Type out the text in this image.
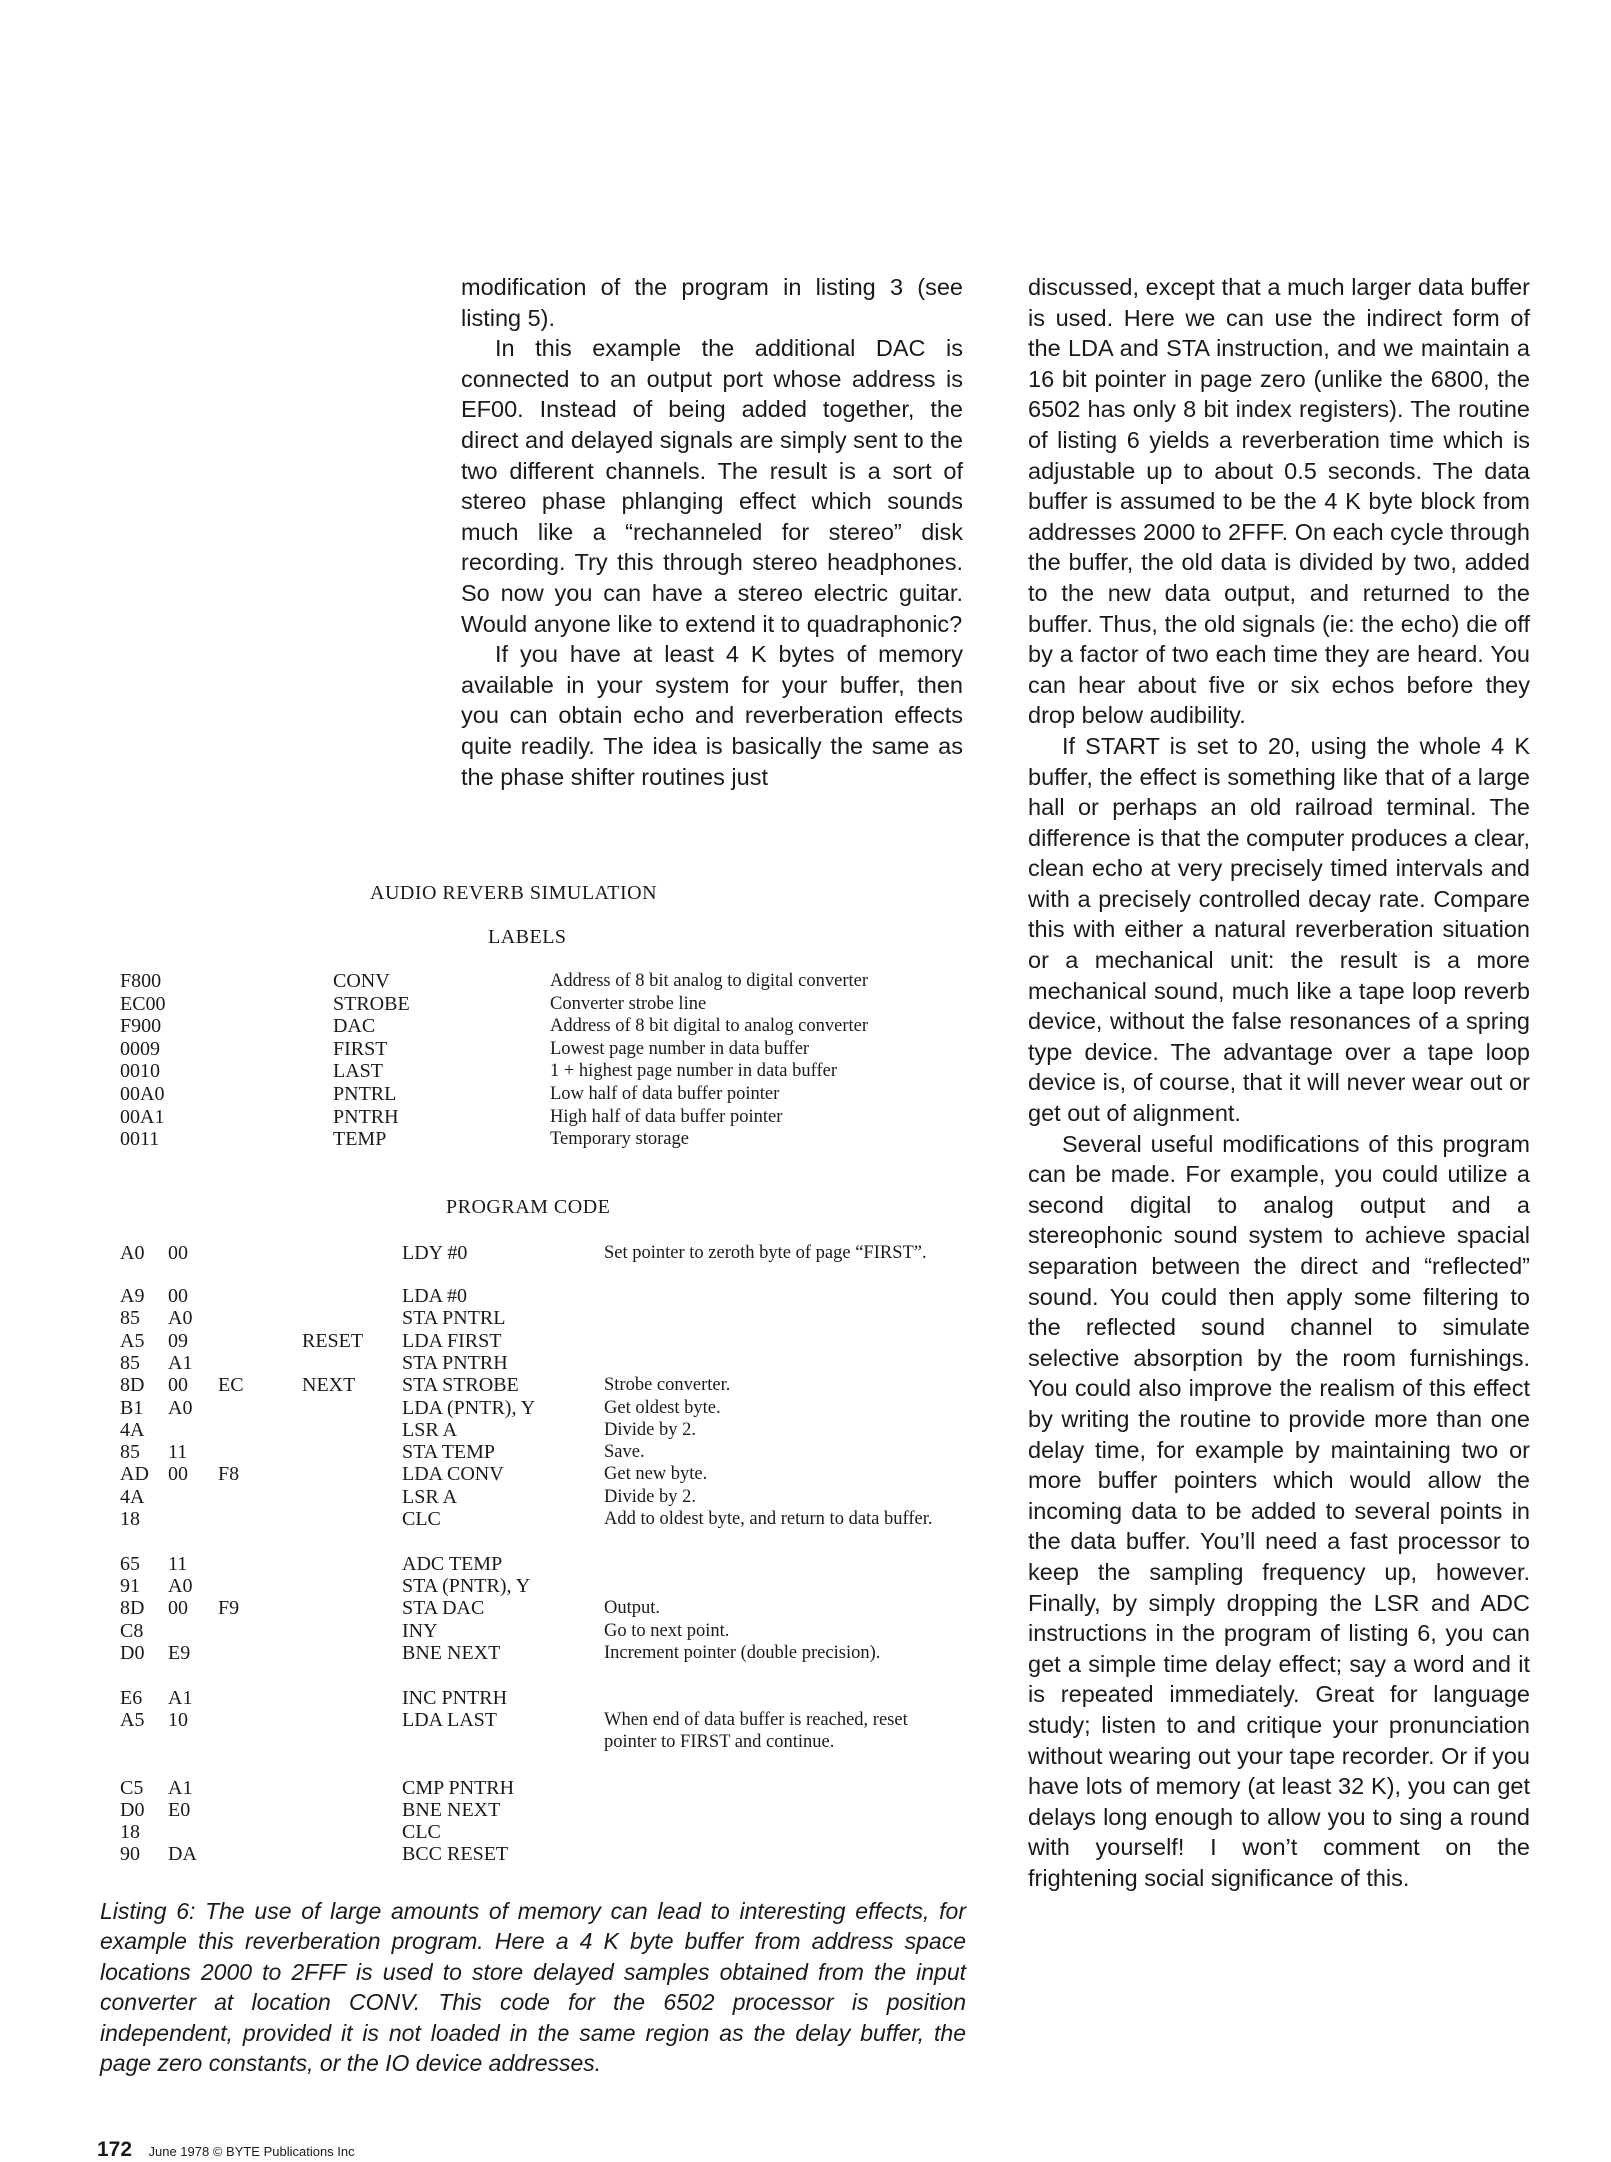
modification of the program in listing 3 (see listing 5).

In this example the additional DAC is connected to an output port whose address is EF00. Instead of being added together, the direct and delayed signals are simply sent to the two different channels. The result is a sort of stereo phase phlanging effect which sounds much like a “rechanneled for stereo” disk recording. Try this through stereo headphones. So now you can have a stereo electric guitar. Would anyone like to extend it to quadraphonic?

If you have at least 4 K bytes of memory available in your system for your buffer, then you can obtain echo and reverberation effects quite readily. The idea is basically the same as the phase shifter routines just

discussed, except that a much larger data buffer is used. Here we can use the indirect form of the LDA and STA instruction, and we maintain a 16 bit pointer in page zero (unlike the 6800, the 6502 has only 8 bit index registers). The routine of listing 6 yields a reverberation time which is adjustable up to about 0.5 seconds. The data buffer is assumed to be the 4 K byte block from addresses 2000 to 2FFF. On each cycle through the buffer, the old data is divided by two, added to the new data output, and returned to the buffer. Thus, the old signals (ie: the echo) die off by a factor of two each time they are heard. You can hear about five or six echos before they drop below audibility.

If START is set to 20, using the whole 4 K buffer, the effect is something like that of a large hall or perhaps an old railroad terminal. The difference is that the computer produces a clear, clean echo at very precisely timed intervals and with a precisely controlled decay rate. Compare this with either a natural reverberation situation or a mechanical unit: the result is a more mechanical sound, much like a tape loop reverb device, without the false resonances of a spring type device. The advantage over a tape loop device is, of course, that it will never wear out or get out of alignment.

Several useful modifications of this program can be made. For example, you could utilize a second digital to analog output and a stereophonic sound system to achieve spacial separation between the direct and “reflected” sound. You could then apply some filtering to the reflected sound channel to simulate selective absorption by the room furnishings. You could also improve the realism of this effect by writing the routine to provide more than one delay time, for example by maintaining two or more buffer pointers which would allow the incoming data to be added to several points in the data buffer. You’ll need a fast processor to keep the sampling frequency up, however. Finally, by simply dropping the LSR and ADC instructions in the program of listing 6, you can get a simple time delay effect; say a word and it is repeated immediately. Great for language study; listen to and critique your pronunciation without wearing out your tape recorder. Or if you have lots of memory (at least 32 K), you can get delays long enough to allow you to sing a round with yourself! I won’t comment on the frightening social significance of this.

AUDIO REVERB SIMULATION
LABELS
F800	CONV	Address of 8 bit analog to digital converter
EC00	STROBE	Converter strobe line
F900	DAC	Address of 8 bit digital to analog converter
0009	FIRST	Lowest page number in data buffer
0010	LAST	1 + highest page number in data buffer
00A0	PNTRL	Low half of data buffer pointer
00A1	PNTRH	High half of data buffer pointer
0011	TEMP	Temporary storage
PROGRAM CODE
A0 00	LDY #0	Set pointer to zeroth byte of page “FIRST”.
A9 00	LDA #0
85 A0	STA PNTRL
A5 09	RESET LDA FIRST
85 A1	STA PNTRH
8D 00 EC	NEXT STA STROBE	Strobe converter.
B1 A0	LDA (PNTR), Y	Get oldest byte.
4A	LSR A	Divide by 2.
85 11	STA TEMP	Save.
AD 00 F8	LDA CONV	Get new byte.
4A	LSR A	Divide by 2.
18	CLC	Add to oldest byte, and return to data buffer.
65 11	ADC TEMP
91 A0	STA (PNTR), Y
8D 00 F9	STA DAC	Output.
C8	INY	Go to next point.
D0 E9	BNE NEXT	Increment pointer (double precision).
E6 A1	INC PNTRH
A5 10	LDA LAST	When end of data buffer is reached, reset pointer to FIRST and continue.
C5 A1	CMP PNTRH
D0 E0	BNE NEXT
18	CLC
90 DA	BCC RESET
Listing 6: The use of large amounts of memory can lead to interesting effects, for example this reverberation program. Here a 4 K byte buffer from address space locations 2000 to 2FFF is used to store delayed samples obtained from the input converter at location CONV. This code for the 6502 processor is position independent, provided it is not loaded in the same region as the delay buffer, the page zero constants, or the IO device addresses.
172 June 1978 © BYTE Publications Inc
